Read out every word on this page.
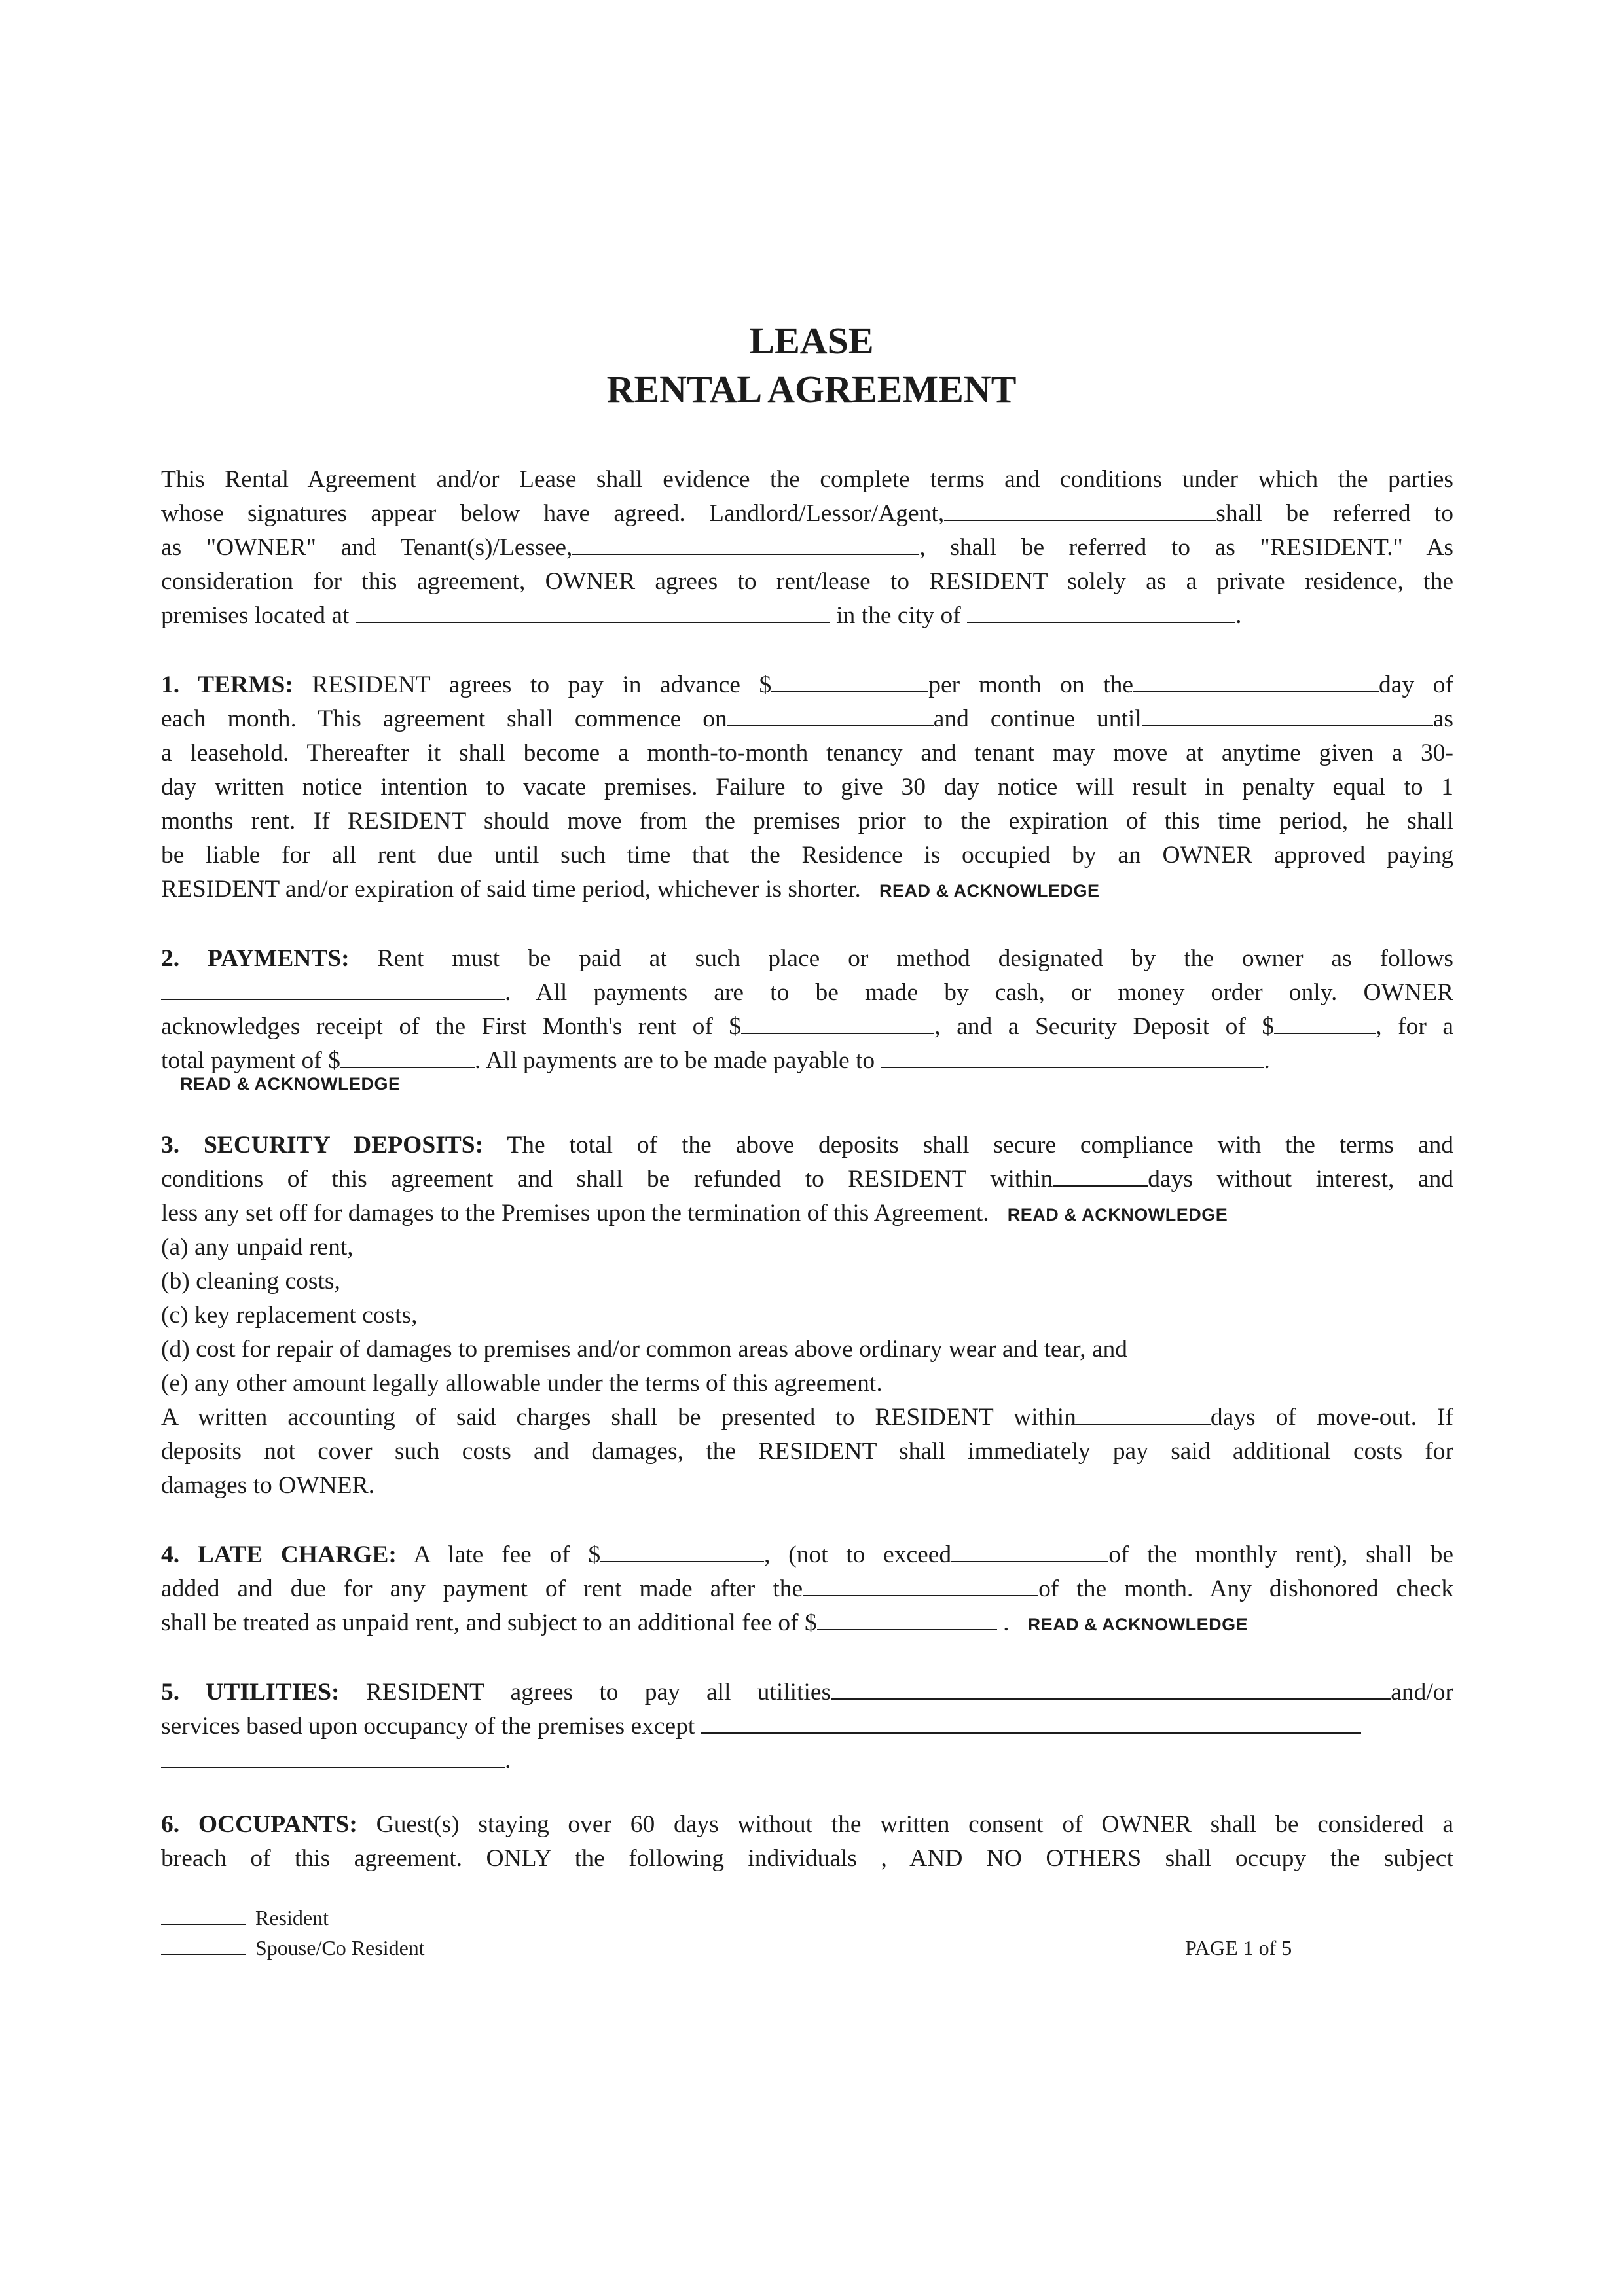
LEASE
RENTAL AGREEMENT
This Rental Agreement and/or Lease shall evidence the complete terms and conditions under which the parties
whose signatures appear below have agreed. Landlord/Lessor/Agent,	shall be referred to
as "OWNER" and Tenant(s)/Lessee,	, shall be referred to as "RESIDENT." As
consideration for this agreement, OWNER agrees to rent/lease to RESIDENT solely as a private residence, the
premises located at	in the city of	.
1. TERMS: RESIDENT agrees to pay in advance $	per month on the	day of
each month. This agreement shall commence on	and continue until	as
a leasehold. Thereafter it shall become a month-to-month tenancy and tenant may move at anytime given a 30-
day written notice intention to vacate premises. Failure to give 30 day notice will result in penalty equal to 1
months rent. If RESIDENT should move from the premises prior to the expiration of this time period, he shall
be liable for all rent due until such time that the Residence is occupied by an OWNER approved paying
RESIDENT and/or expiration of said time period, whichever is shorter. READ & ACKNOWLEDGE
2. PAYMENTS: Rent must be paid at such place or method designated by the owner as follows
. All payments are to be made by cash, or money order only. OWNER
acknowledges receipt of the First Month's rent of $	, and a Security Deposit of $	, for a
total payment of $	. All payments are to be made payable to	.
READ & ACKNOWLEDGE
3. SECURITY DEPOSITS: The total of the above deposits shall secure compliance with the terms and
conditions of this agreement and shall be refunded to RESIDENT within	days without interest, and
less any set off for damages to the Premises upon the termination of this Agreement. READ & ACKNOWLEDGE
(a) any unpaid rent,
(b) cleaning costs,
(c) key replacement costs,
(d) cost for repair of damages to premises and/or common areas above ordinary wear and tear, and
(e) any other amount legally allowable under the terms of this agreement.
A written accounting of said charges shall be presented to RESIDENT within	days of move-out. If
deposits not cover such costs and damages, the RESIDENT shall immediately pay said additional costs for
damages to OWNER.
4. LATE CHARGE: A late fee of $	, (not to exceed	of the monthly rent), shall be
added and due for any payment of rent made after the	of the month. Any dishonored check
shall be treated as unpaid rent, and subject to an additional fee of $	. READ & ACKNOWLEDGE
5. UTILITIES: RESIDENT agrees to pay all utilities	and/or
services based upon occupancy of the premises except
.
6. OCCUPANTS: Guest(s) staying over 60 days without the written consent of OWNER shall be considered a
breach of this agreement. ONLY the following individuals , AND NO OTHERS shall occupy the subject
Resident
Spouse/Co Resident	PAGE 1 of 5
